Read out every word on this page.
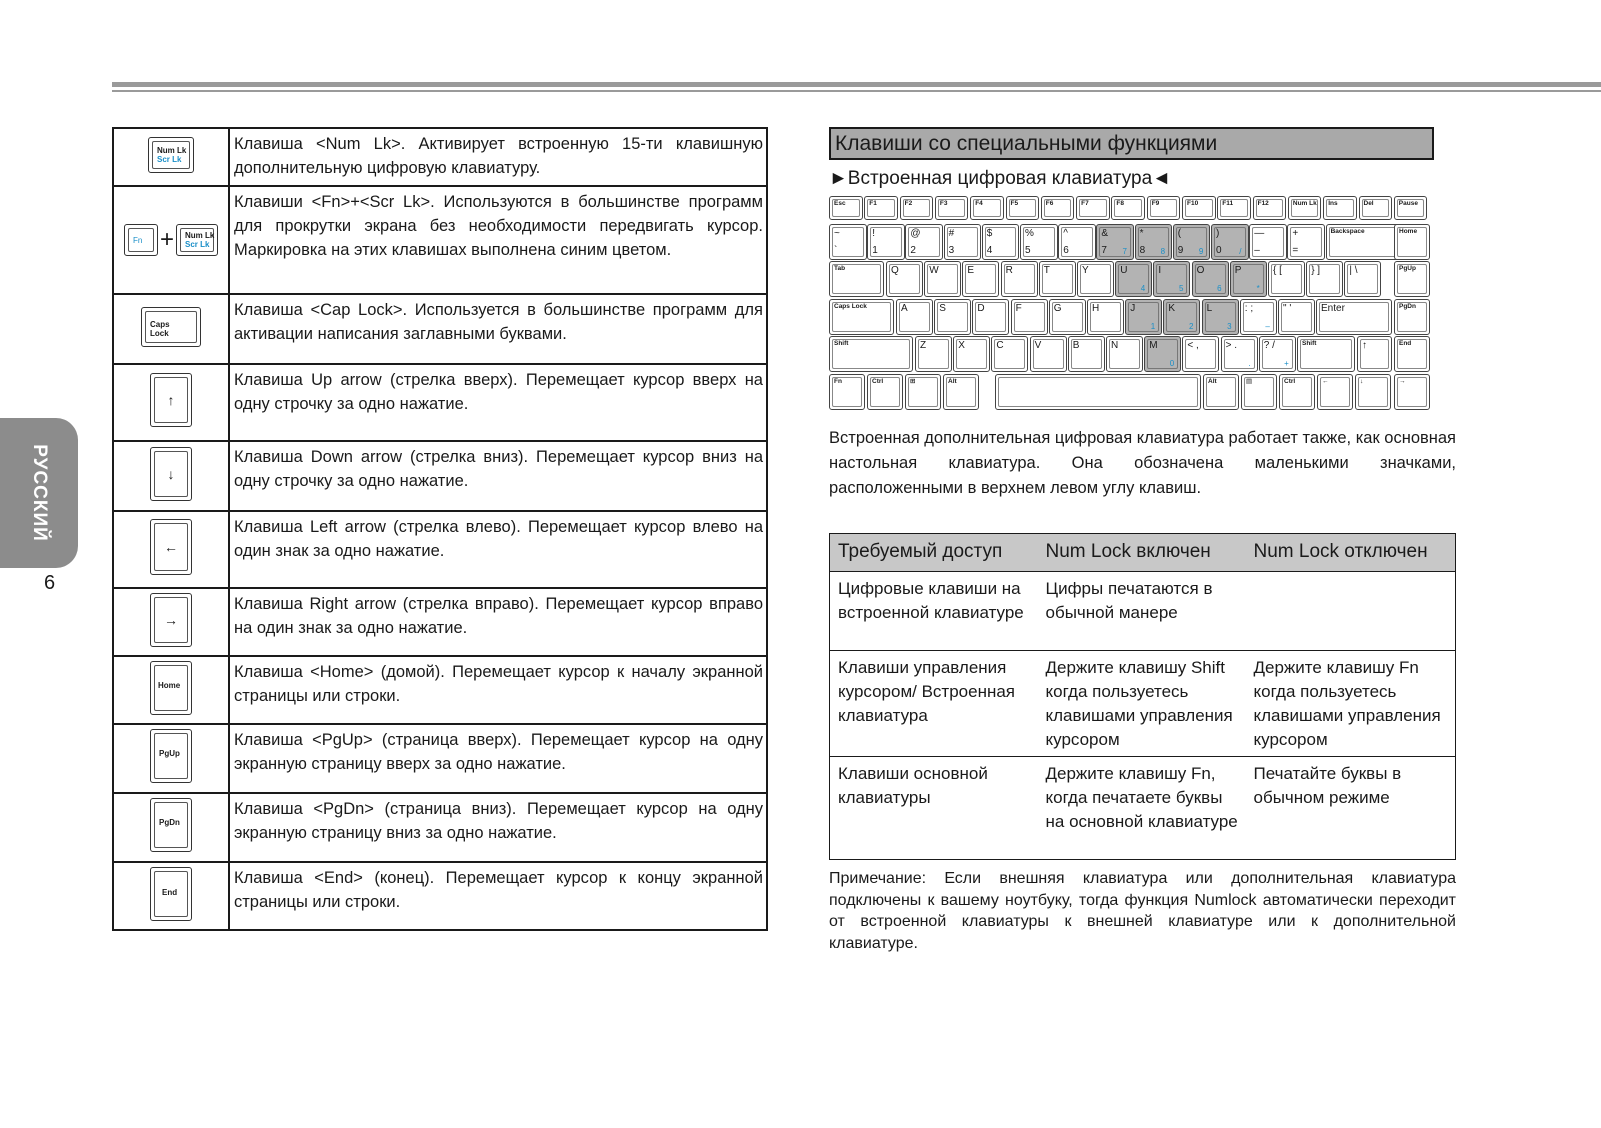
РУССКИЙ
6
Num Lk
Scr Lk	Клавиша <Num Lk>. Активирует встроенную 15-ти клавишную дополнительную цифровую клавиатуру.

Fn + Num Lk
Scr Lk	Клавиши <Fn>+<Scr Lk>. Используются в большинстве программ для прокрутки экрана без необходимости передвигать курсор. Маркировка на этих клавишах выполнена синим цветом.

Caps
Lock	Клавиша <Cap Lock>. Используется в большинстве программ для активации написания заглавными буквами.

↑	Клавиша Up arrow (стрелка вверх). Перемещает курсор вверх на одну строчку за одно нажатие.

↓	Клавиша Down arrow (стрелка вниз). Перемещает курсор вниз на одну строчку за одно нажатие.

←	Клавиша Left arrow (стрелка влево). Перемещает курсор влево на один знак за одно нажатие.

→	Клавиша Right arrow (стрелка вправо). Перемещает курсор вправо на один знак за одно нажатие.

Home	Клавиша <Home> (домой). Перемещает курсор к началу экранной страницы или строки.

PgUp	Клавиша <PgUp> (страница вверх). Перемещает курсор на одну экранную страницу вверх за одно нажатие.

PgDn	Клавиша <PgDn> (страница вниз). Перемещает курсор на одну экранную страницу вниз за одно нажатие.

End	Клавиша <End> (конец). Перемещает курсор к концу экранной страницы или строки.
Клавиши со специальными функциями
►Встроенная цифровая клавиатура◄
Esc	F1	F2	F3	F4	F5	F6	F7	F8	F9	F10	F11	F12	Num Lk Ins	Del	Pause
~
`
!
1
@
2
#
3
$
4
%
5
^
6
&
7 7
*
8 8
(
9 9
)
0 /
—
–
+
=
Backspace	Home
Tab	Q	W	E	R	T	Y	U
4
I
5
O
6
P
*
{ [	} ]	| \	PgUp
Caps Lock	A	S	D	F	G	H	J
1
K
2
L
3
: ;
–
" '	Enter	PgDn
Shift	Z	X	C	V	B	N	M
0
< ,	> .
.
? /
+
Shift	↑	End
Fn	Ctrl	⊞	Alt	Alt	▤	Ctrl	←	↓	→
Встроенная дополнительная цифровая клавиатура работает также, как основная настольная клавиатура. Она обозначена маленькими значками, расположенными в верхнем левом углу клавиш.
Требуемый доступ	Num Lock включен	Num Lock отключен
Цифровые клавиши на встроенной клавиатуре	Цифры печатаются в обычной манере	
Клавиши управления курсором/ Встроенная клавиатура	Держите клавишу Shift когда пользуетесь клавишами управления курсором	Держите клавишу Fn когда пользуетесь клавишами управления курсором
Клавиши основной клавиатуры	Держите клавишу Fn, когда печатаете буквы на основной клавиатуре	Печатайте буквы в обычном режиме
Примечание: Если внешняя клавиатура или дополнительная клавиатура подключены к вашему ноутбуку, тогда функция Numlock автоматически переходит от встроенной клавиатуры к внешней клавиатуре или к дополнительной клавиатуре.
